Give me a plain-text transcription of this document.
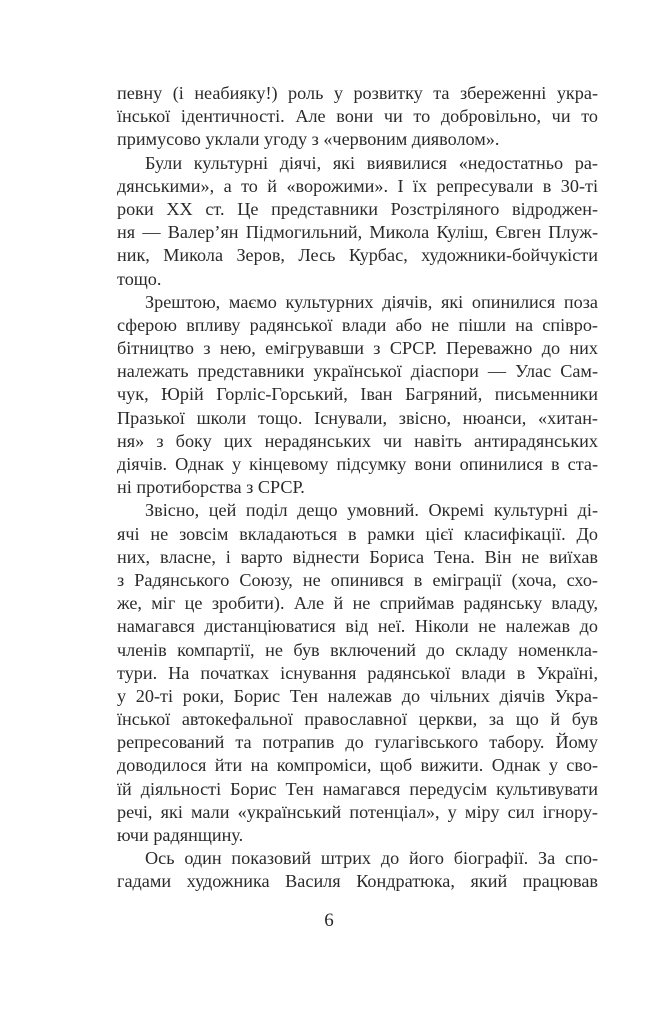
певну (і неабияку!) роль у розвитку та збереженні укра-
їнської ідентичності. Але вони чи то добровільно, чи то
примусово уклали угоду з «червоним дияволом».
Були культурні діячі, які виявилися «недостатньо ра-
дянськими», а то й «ворожими». І їх репресували в 30-ті
роки XX ст. Це представники Розстріляного відроджен-
ня — Валер’ян Підмогильний, Микола Куліш, Євген Плуж-
ник, Микола Зеров, Лесь Курбас, художники-бойчукісти
тощо.
Зрештою, маємо культурних діячів, які опинилися поза
сферою впливу радянської влади або не пішли на співро-
бітництво з нею, емігрувавши з СРСР. Переважно до них
належать представники української діаспори — Улас Сам-
чук, Юрій Горліс-Горський, Іван Багряний, письменники
Празької школи тощо. Існували, звісно, нюанси, «хитан-
ня» з боку цих нерадянських чи навіть антирадянських
діячів. Однак у кінцевому підсумку вони опинилися в ста-
ні протиборства з СРСР.
Звісно, цей поділ дещо умовний. Окремі культурні ді-
ячі не зовсім вкладаються в рамки цієї класифікації. До
них, власне, і варто віднести Бориса Тена. Він не виїхав
з Радянського Союзу, не опинився в еміграції (хоча, схо-
же, міг це зробити). Але й не сприймав радянську владу,
намагався дистанціюватися від неї. Ніколи не належав до
членів компартії, не був включений до складу номенкла-
тури. На початках існування радянської влади в Україні,
у 20-ті роки, Борис Тен належав до чільних діячів Укра-
їнської автокефальної православної церкви, за що й був
репресований та потрапив до гулагівського табору. Йому
доводилося йти на компроміси, щоб вижити. Однак у сво-
їй діяльності Борис Тен намагався передусім культивувати
речі, які мали «український потенціал», у міру сил ігнору-
ючи радянщину.
Ось один показовий штрих до його біографії. За спо-
гадами художника Василя Кондратюка, який працював
6
